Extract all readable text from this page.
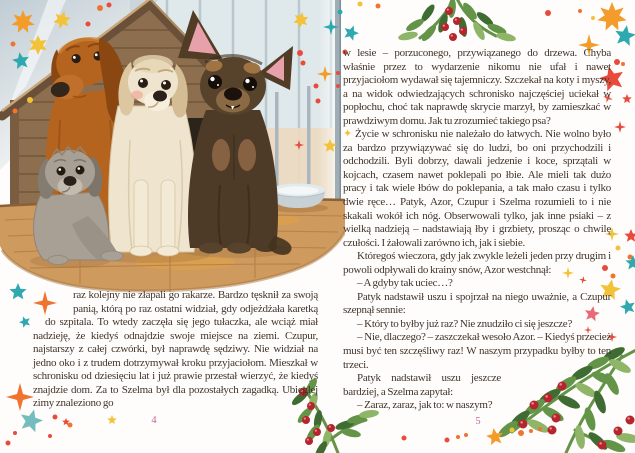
raz kolejny nie złapali go rakarze. Bardzo tęsknił za swoją panią, którą po raz ostatni widział, gdy odjeżdżała karetką do szpitala. To wtedy zaczęła się jego tułaczka, ale wciąż miał nadzieję, że kiedyś odnajdzie swoje miejsce na ziemi. Czupur, najstarszy z całej czwórki, był naprawdę sędziwy. Nie widział na jedno oko i z trudem dotrzymywał kroku przyjaciołom. Mieszkał w schronisku od dziesięciu lat i już prawie przestał wierzyć, że kiedyś znajdzie dom. Za to Szelma był dla pozostałych zagadką. Ubiegłej zimy znaleziono go

4

w lesie – porzuconego, przywiązanego do drzewa. Chyba właśnie przez to wydarzenie nikomu nie ufał i nawet przyjaciołom wydawał się tajemniczy. Szczekał na koty i myszy, a na widok odwiedzających schronisko najczęściej uciekał w popłochu, choć tak naprawdę skrycie marzył, by zamieszkać w prawdziwym domu. Jak tu zrozumieć takiego psa?

✦ Życie w schronisku nie należało do łatwych. Nie wolno było za bardzo przywiązywać się do ludzi, bo oni przychodzili i odchodzili. Byli dobrzy, dawali jedzenie i koce, sprzątali w kojcach, czasem nawet poklepali po łbie. Ale mieli tak dużo pracy i tak wiele łbów do poklepania, a tak mało czasu i tylko dwie ręce… Patyk, Azor, Czupur i Szelma rozumieli to i nie skakali wokół ich nóg. Obserwowali tylko, jak inne psiaki – z wielką nadzieją – nadstawiają łby i grzbiety, prosząc o chwilę czułości. I żałowali zarówno ich, jak i siebie.

Któregoś wieczora, gdy jak zwykle leżeli jeden przy drugim i powoli odpływali do krainy snów, Azor westchnął:

– A gdyby tak uciec…?

Patyk nadstawił uszu i spojrzał na niego uważnie, a Czupur szepnął sennie:

– Który to byłby już raz? Nie znudziło ci się jeszcze?

– Nie, dlaczego? – zaszczekał wesoło Azor. – Kiedyś przecież musi być ten szczęśliwy raz! W naszym przypadku byłby to ten trzeci.

Patyk nadstawił uszu jeszcze bardziej, a Szelma zapytał:

– Zaraz, zaraz, jak to: w naszym?

5
